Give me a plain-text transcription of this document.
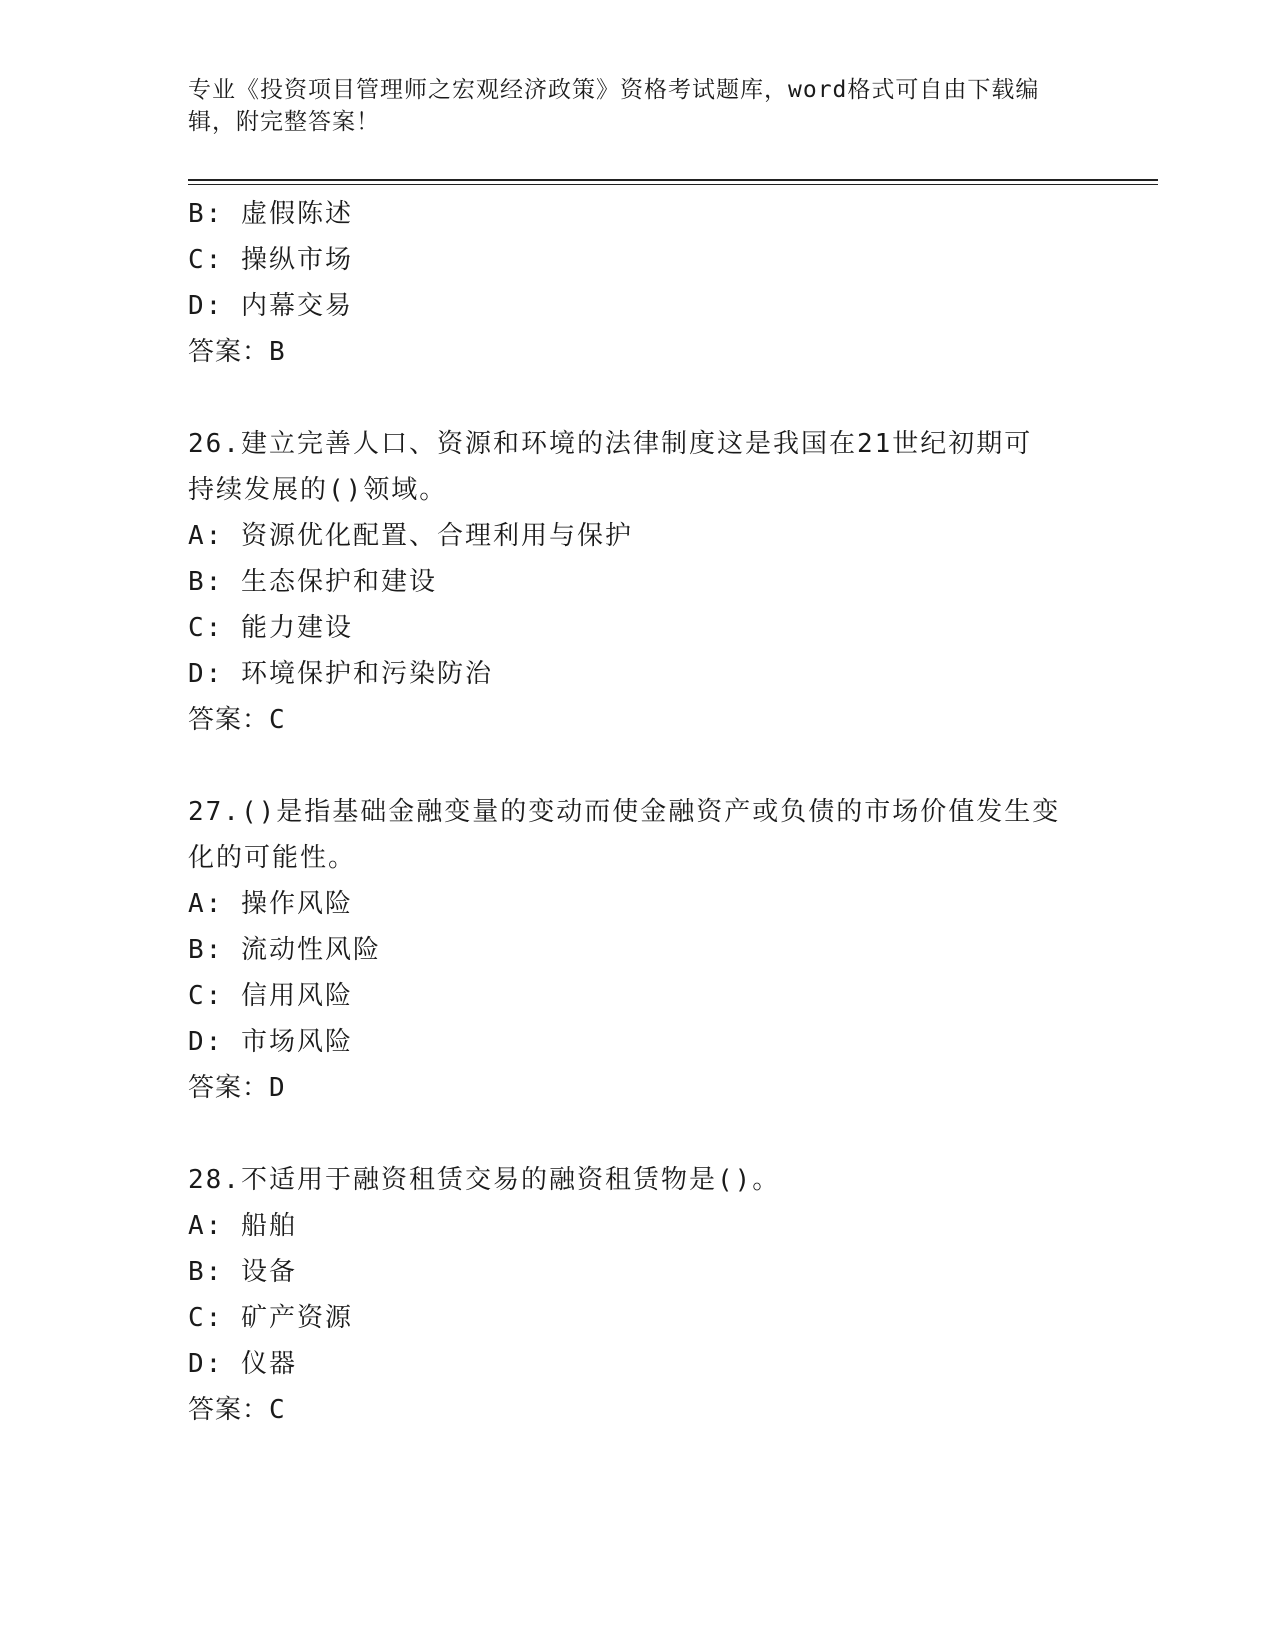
专业《投资项目管理师之宏观经济政策》资格考试题库，word格式可自由下载编
辑，附完整答案！
B: 虚假陈述
C: 操纵市场
D: 内幕交易
答案：B
26.建立完善人口、资源和环境的法律制度这是我国在21世纪初期可
持续发展的()领域。
A: 资源优化配置、合理利用与保护
B: 生态保护和建设
C: 能力建设
D: 环境保护和污染防治
答案：C
27.()是指基础金融变量的变动而使金融资产或负债的市场价值发生变
化的可能性。
A: 操作风险
B: 流动性风险
C: 信用风险
D: 市场风险
答案：D
28.不适用于融资租赁交易的融资租赁物是()。
A: 船舶
B: 设备
C: 矿产资源
D: 仪器
答案：C
